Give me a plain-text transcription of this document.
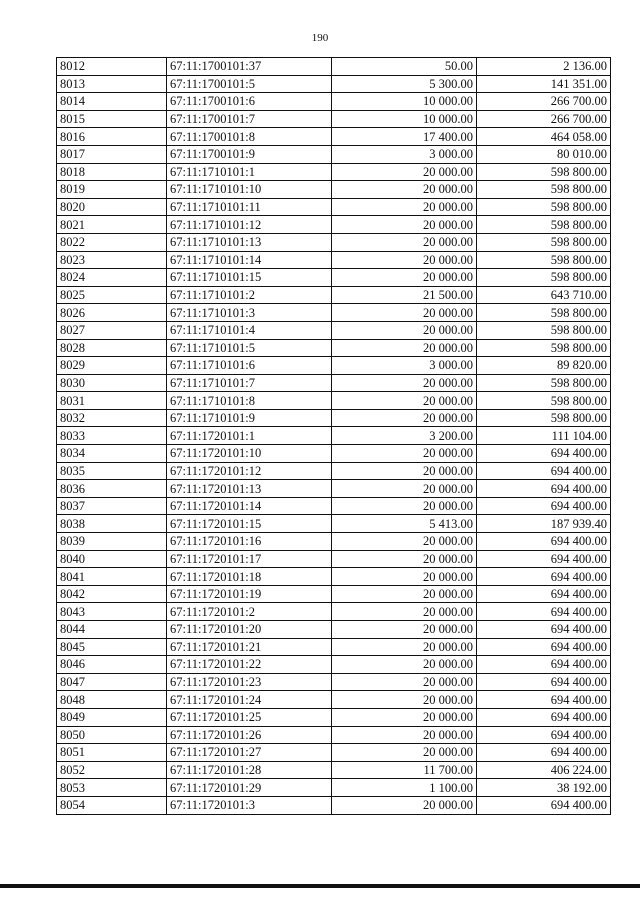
190
8012	67:11:1700101:37	50.00	2 136.00
8013	67:11:1700101:5	5 300.00	141 351.00
8014	67:11:1700101:6	10 000.00	266 700.00
8015	67:11:1700101:7	10 000.00	266 700.00
8016	67:11:1700101:8	17 400.00	464 058.00
8017	67:11:1700101:9	3 000.00	80 010.00
8018	67:11:1710101:1	20 000.00	598 800.00
8019	67:11:1710101:10	20 000.00	598 800.00
8020	67:11:1710101:11	20 000.00	598 800.00
8021	67:11:1710101:12	20 000.00	598 800.00
8022	67:11:1710101:13	20 000.00	598 800.00
8023	67:11:1710101:14	20 000.00	598 800.00
8024	67:11:1710101:15	20 000.00	598 800.00
8025	67:11:1710101:2	21 500.00	643 710.00
8026	67:11:1710101:3	20 000.00	598 800.00
8027	67:11:1710101:4	20 000.00	598 800.00
8028	67:11:1710101:5	20 000.00	598 800.00
8029	67:11:1710101:6	3 000.00	89 820.00
8030	67:11:1710101:7	20 000.00	598 800.00
8031	67:11:1710101:8	20 000.00	598 800.00
8032	67:11:1710101:9	20 000.00	598 800.00
8033	67:11:1720101:1	3 200.00	111 104.00
8034	67:11:1720101:10	20 000.00	694 400.00
8035	67:11:1720101:12	20 000.00	694 400.00
8036	67:11:1720101:13	20 000.00	694 400.00
8037	67:11:1720101:14	20 000.00	694 400.00
8038	67:11:1720101:15	5 413.00	187 939.40
8039	67:11:1720101:16	20 000.00	694 400.00
8040	67:11:1720101:17	20 000.00	694 400.00
8041	67:11:1720101:18	20 000.00	694 400.00
8042	67:11:1720101:19	20 000.00	694 400.00
8043	67:11:1720101:2	20 000.00	694 400.00
8044	67:11:1720101:20	20 000.00	694 400.00
8045	67:11:1720101:21	20 000.00	694 400.00
8046	67:11:1720101:22	20 000.00	694 400.00
8047	67:11:1720101:23	20 000.00	694 400.00
8048	67:11:1720101:24	20 000.00	694 400.00
8049	67:11:1720101:25	20 000.00	694 400.00
8050	67:11:1720101:26	20 000.00	694 400.00
8051	67:11:1720101:27	20 000.00	694 400.00
8052	67:11:1720101:28	11 700.00	406 224.00
8053	67:11:1720101:29	1 100.00	38 192.00
8054	67:11:1720101:3	20 000.00	694 400.00
